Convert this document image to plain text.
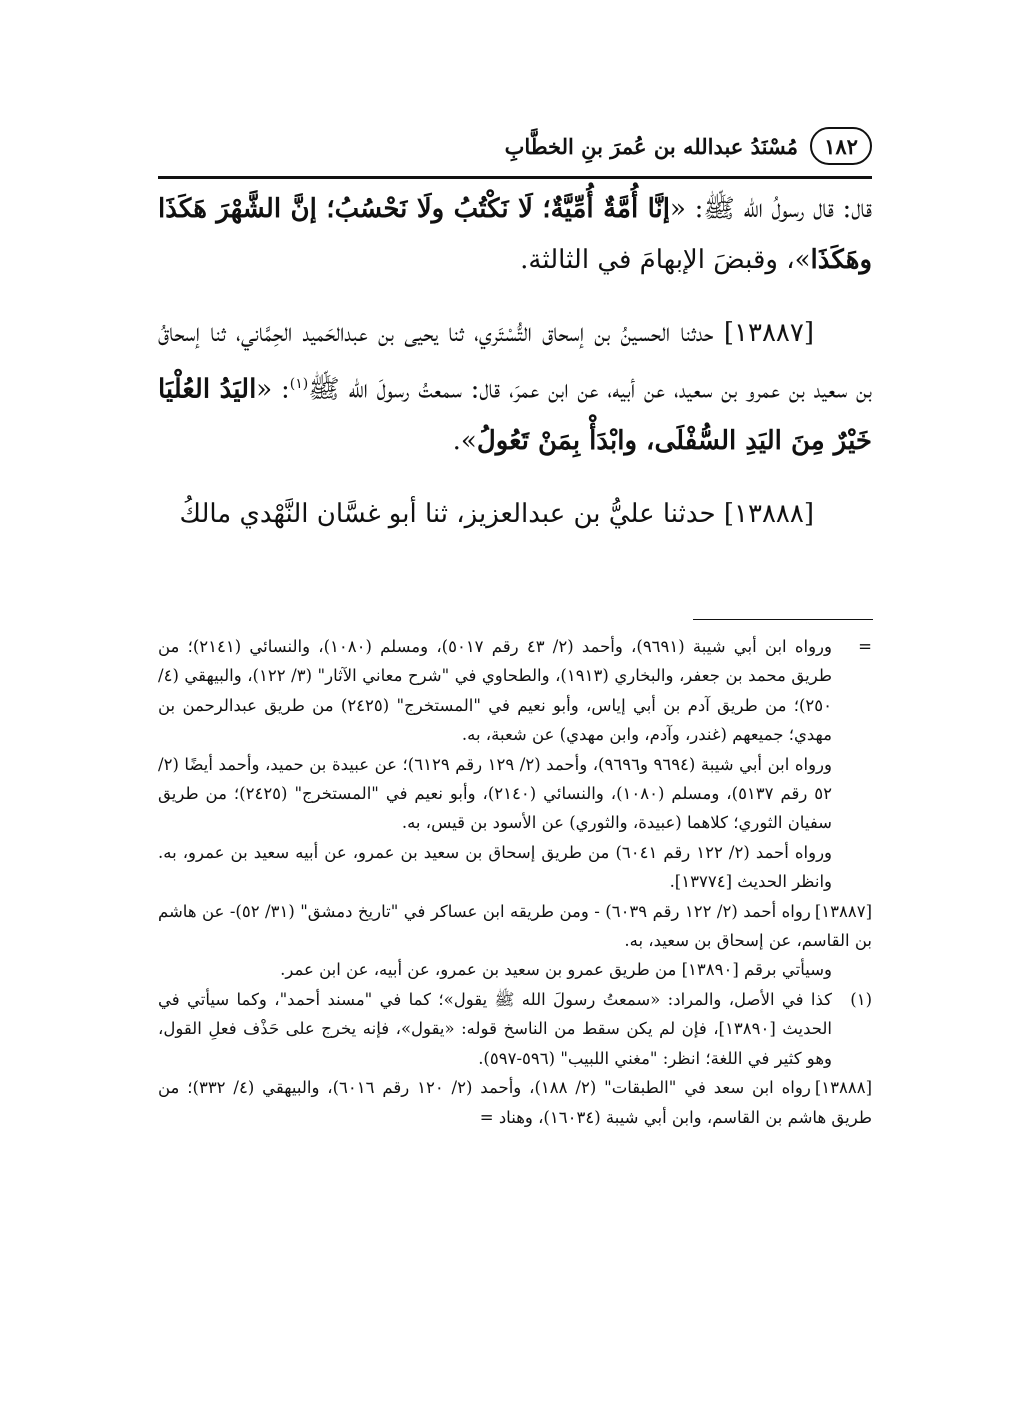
١٨٢
مُسْنَدُ عبدالله بن عُمرَ بنِ الخطَّابِ

قال: قال رسولُ الله ﷺ: «إنَّا أُمَّةٌ أُمِّيَّةٌ؛ لَا نَكْتُبُ ولَا نَحْسُبُ؛ إنَّ الشَّهْرَ هَكَذَا وهَكَذَا»، وقبضَ الإبهامَ في الثالثة.

[١٣٨٨٧] حدثنا الحسينُ بن إسحاق التُّسْتَري، ثنا يحيى بن عبدالحَميد الحِمَّاني، ثنا إسحاقُ بن سعيد بن عمرو بن سعيد، عن أبيه، عن ابن عمرَ، قال: سمعتُ رسولَ الله ﷺ$^{(١)}$: «اليَدُ العُلْيَا خَيْرٌ مِنَ اليَدِ السُّفْلَى، وابْدَأْ بِمَنْ تَعُولُ».

[١٣٨٨٨] حدثنا عليُّ بن عبدالعزيز، ثنا أبو غسَّان النَّهْدي مالكُ

=
ورواه ابن أبي شيبة (٩٦٩١)، وأحمد (٢/ ٤٣ رقم ٥٠١٧)، ومسلم (١٠٨٠)، والنسائي (٢١٤١)؛ من طريق محمد بن جعفر، والبخاري (١٩١٣)، والطحاوي في "شرح معاني الآثار" (٣/ ١٢٢)، والبيهقي (٤/ ٢٥٠)؛ من طريق آدم بن أبي إياس، وأبو نعيم في "المستخرج" (٢٤٢٥) من طريق عبدالرحمن بن مهدي؛ جميعهم (غندر، وآدم، وابن مهدي) عن شعبة، به.
ورواه ابن أبي شيبة (٩٦٩٤ و٩٦٩٦)، وأحمد (٢/ ١٢٩ رقم ٦١٢٩)؛ عن عبيدة بن حميد، وأحمد أيضًا (٢/ ٥٢ رقم ٥١٣٧)، ومسلم (١٠٨٠)، والنسائي (٢١٤٠)، وأبو نعيم في "المستخرج" (٢٤٢٥)؛ من طريق سفيان الثوري؛ كلاهما (عبيدة، والثوري) عن الأسود بن قيس، به.
ورواه أحمد (٢/ ١٢٢ رقم ٦٠٤١) من طريق إسحاق بن سعيد بن عمرو، عن أبيه سعيد بن عمرو، به. وانظر الحديث [١٣٧٧٤].
[١٣٨٨٧]رواه أحمد (٢/ ١٢٢ رقم ٦٠٣٩) - ومن طريقه ابن عساكر في "تاريخ دمشق" (٣١/ ٥٢)- عن هاشم بن القاسم، عن إسحاق بن سعيد، به.
وسيأتي برقم [١٣٨٩٠] من طريق عمرو بن سعيد بن عمرو، عن أبيه، عن ابن عمر.
(١)
كذا في الأصل، والمراد: «سمعتُ رسولَ الله ﷺ يقول»؛ كما في "مسند أحمد"، وكما سيأتي في الحديث [١٣٨٩٠]، فإن لم يكن سقط من الناسخ قوله: «يقول»، فإنه يخرج على حَذْف فعلِ القول، وهو كثير في اللغة؛ انظر: "مغني اللبيب" (٥٩٦-٥٩٧).
[١٣٨٨٨]رواه ابن سعد في "الطبقات" (٢/ ١٨٨)، وأحمد (٢/ ١٢٠ رقم ٦٠١٦)، والبيهقي (٤/ ٣٣٢)؛ من طريق هاشم بن القاسم، وابن أبي شيبة (١٦٠٣٤)، وهناد =
